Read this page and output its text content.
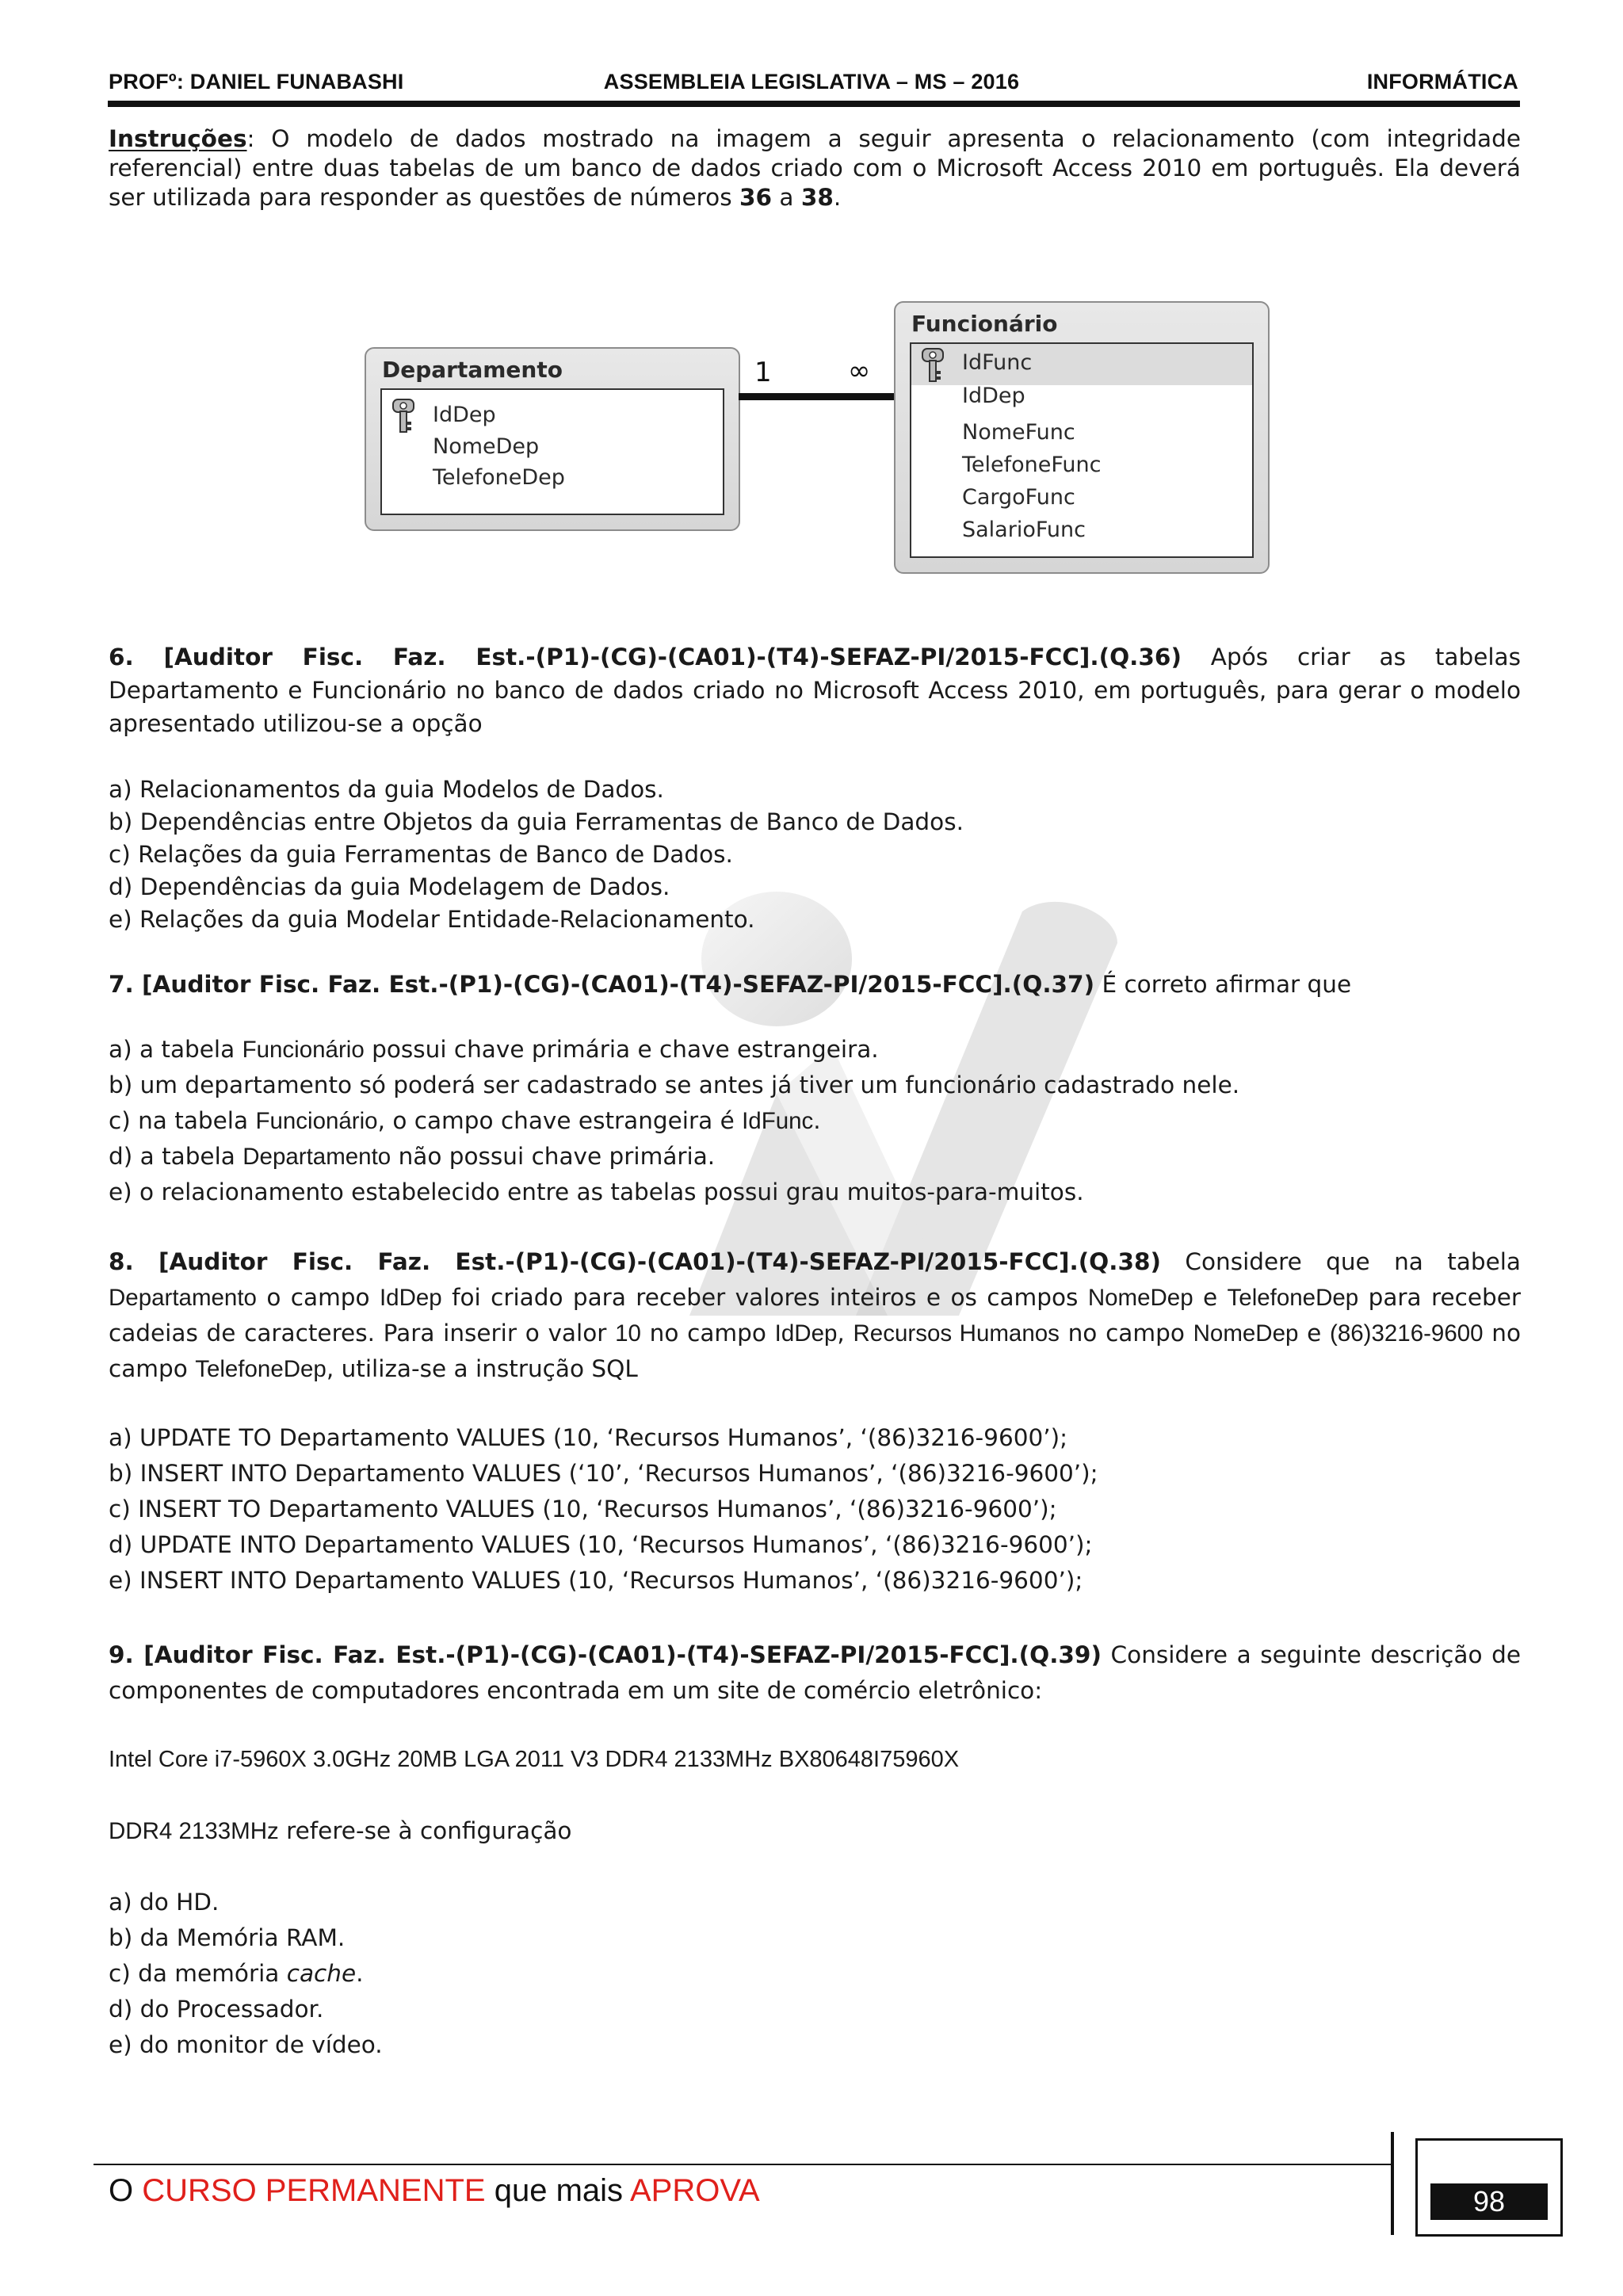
PROFº: DANIEL FUNABASHI	ASSEMBLEIA LEGISLATIVA – MS – 2016	INFORMÁTICA
Instruções: O modelo de dados mostrado na imagem a seguir apresenta o relacionamento (com integridade referencial) entre duas tabelas de um banco de dados criado com o Microsoft Access 2010 em português. Ela deverá ser utilizada para responder as questões de números 36 a 38.
Departamento
IdDep
NomeDep
TelefoneDep
1	∞
Funcionário
IdFunc
IdDep
NomeFunc
TelefoneFunc
CargoFunc
SalarioFunc
6. [Auditor Fisc. Faz. Est.-(P1)-(CG)-(CA01)-(T4)-SEFAZ-PI/2015-FCC].(Q.36) Após criar as tabelas Departamento e Funcionário no banco de dados criado no Microsoft Access 2010, em português, para gerar o modelo apresentado utilizou-se a opção
a) Relacionamentos da guia Modelos de Dados.
b) Dependências entre Objetos da guia Ferramentas de Banco de Dados.
c) Relações da guia Ferramentas de Banco de Dados.
d) Dependências da guia Modelagem de Dados.
e) Relações da guia Modelar Entidade-Relacionamento.
7. [Auditor Fisc. Faz. Est.-(P1)-(CG)-(CA01)-(T4)-SEFAZ-PI/2015-FCC].(Q.37) É correto afirmar que
a) a tabela Funcionário possui chave primária e chave estrangeira.
b) um departamento só poderá ser cadastrado se antes já tiver um funcionário cadastrado nele.
c) na tabela Funcionário, o campo chave estrangeira é IdFunc.
d) a tabela Departamento não possui chave primária.
e) o relacionamento estabelecido entre as tabelas possui grau muitos-para-muitos.
8. [Auditor Fisc. Faz. Est.-(P1)-(CG)-(CA01)-(T4)-SEFAZ-PI/2015-FCC].(Q.38) Considere que na tabela Departamento o campo IdDep foi criado para receber valores inteiros e os campos NomeDep e TelefoneDep para receber cadeias de caracteres. Para inserir o valor 10 no campo IdDep, Recursos Humanos no campo NomeDep e (86)3216-9600 no campo TelefoneDep, utiliza-se a instrução SQL
a) UPDATE TO Departamento VALUES (10, ‘Recursos Humanos’, ‘(86)3216-9600’);
b) INSERT INTO Departamento VALUES (‘10’, ‘Recursos Humanos’, ‘(86)3216-9600’);
c) INSERT TO Departamento VALUES (10, ‘Recursos Humanos’, ‘(86)3216-9600’);
d) UPDATE INTO Departamento VALUES (10, ‘Recursos Humanos’, ‘(86)3216-9600’);
e) INSERT INTO Departamento VALUES (10, ‘Recursos Humanos’, ‘(86)3216-9600’);
9. [Auditor Fisc. Faz. Est.-(P1)-(CG)-(CA01)-(T4)-SEFAZ-PI/2015-FCC].(Q.39) Considere a seguinte descrição de componentes de computadores encontrada em um site de comércio eletrônico:
Intel Core i7-5960X 3.0GHz 20MB LGA 2011 V3 DDR4 2133MHz BX80648I75960X
DDR4 2133MHz refere-se à configuração
a) do HD.
b) da Memória RAM.
c) da memória cache.
d) do Processador.
e) do monitor de vídeo.
O CURSO PERMANENTE que mais APROVA	98
